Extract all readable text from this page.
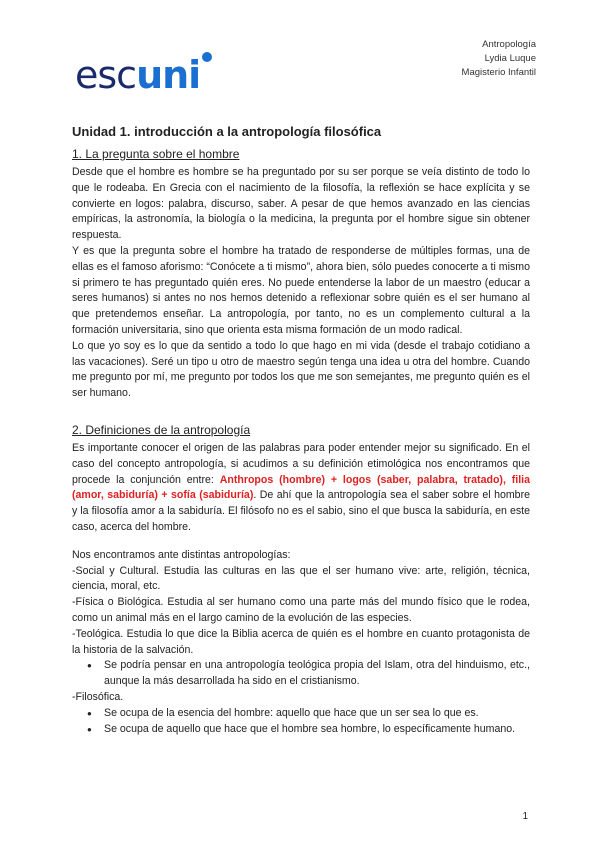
Antropología
Lydia Luque
Magisterio Infantil
escuni
Unidad 1. introducción a la antropología filosófica
1. La pregunta sobre el hombre

Desde que el hombre es hombre se ha preguntado por su ser porque se veía distinto de todo lo que le rodeaba. En Grecia con el nacimiento de la filosofía, la reflexión se hace explícita y se convierte en logos: palabra, discurso, saber. A pesar de que hemos avanzado en las ciencias empíricas, la astronomía, la biología o la medicina, la pregunta por el hombre sigue sin obtener respuesta.

Y es que la pregunta sobre el hombre ha tratado de responderse de múltiples formas, una de ellas es el famoso aforismo: “Conócete a ti mismo”, ahora bien, sólo puedes conocerte a ti mismo si primero te has preguntado quién eres. No puede entenderse la labor de un maestro (educar a seres humanos) si antes no nos hemos detenido a reflexionar sobre quién es el ser humano al que pretendemos enseñar. La antropología, por tanto, no es un complemento cultural a la formación universitaria, sino que orienta esta misma formación de un modo radical.

Lo que yo soy es lo que da sentido a todo lo que hago en mi vida (desde el trabajo cotidiano a las vacaciones). Seré un tipo u otro de maestro según tenga una idea u otra del hombre. Cuando me pregunto por mí, me pregunto por todos los que me son semejantes, me pregunto quién es el ser humano.

2. Definiciones de la antropología

Es importante conocer el origen de las palabras para poder entender mejor su significado. En el caso del concepto antropología, si acudimos a su definición etimológica nos encontramos que procede la conjunción entre: Anthropos (hombre) + logos (saber, palabra, tratado), filia (amor, sabiduría) + sofía (sabiduría). De ahí que la antropología sea el saber sobre el hombre y la filosofía amor a la sabiduría. El filósofo no es el sabio, sino el que busca la sabiduría, en este caso, acerca del hombre.

Nos encontramos ante distintas antropologías:

-Social y Cultural. Estudia las culturas en las que el ser humano vive: arte, religión, técnica, ciencia, moral, etc.

-Física o Biológica. Estudia al ser humano como una parte más del mundo físico que le rodea, como un animal más en el largo camino de la evolución de las especies.

-Teológica. Estudia lo que dice la Biblia acerca de quién es el hombre en cuanto protagonista de la historia de la salvación.

● Se podría pensar en una antropología teológica propia del Islam, otra del hinduismo, etc., aunque la más desarrollada ha sido en el cristianismo.

-Filosófica.

● Se ocupa de la esencia del hombre: aquello que hace que un ser sea lo que es.
● Se ocupa de aquello que hace que el hombre sea hombre, lo específicamente humano.
1
